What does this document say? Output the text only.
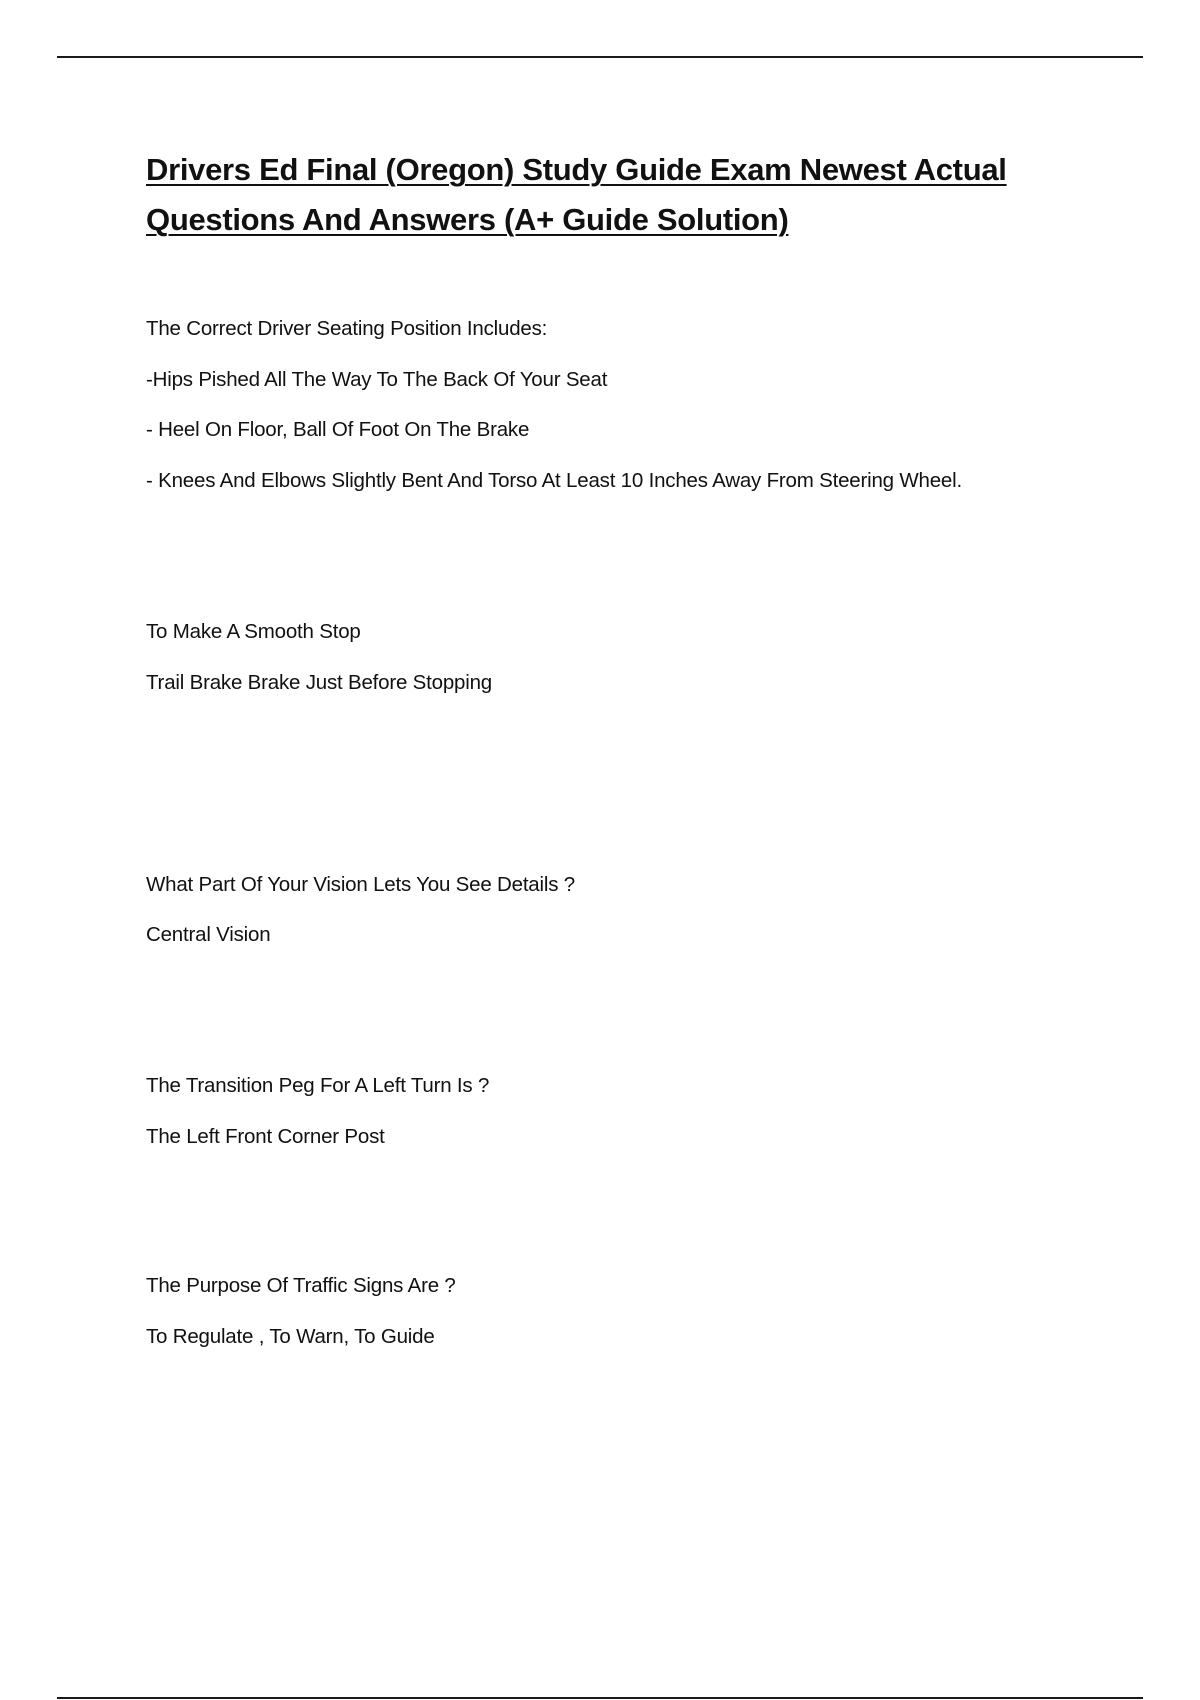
Drivers Ed Final (Oregon) Study Guide Exam Newest Actual
Questions And Answers (A+ Guide Solution)

The Correct Driver Seating Position Includes:

-Hips Pished All The Way To The Back Of Your Seat

- Heel On Floor, Ball Of Foot On The Brake

- Knees And Elbows Slightly Bent And Torso At Least 10 Inches Away From Steering Wheel.

To Make A Smooth Stop

Trail Brake Brake Just Before Stopping

What Part Of Your Vision Lets You See Details ?

Central Vision

The Transition Peg For A Left Turn Is ?

The Left Front Corner Post

The Purpose Of Traffic Signs Are ?

To Regulate , To Warn, To Guide
